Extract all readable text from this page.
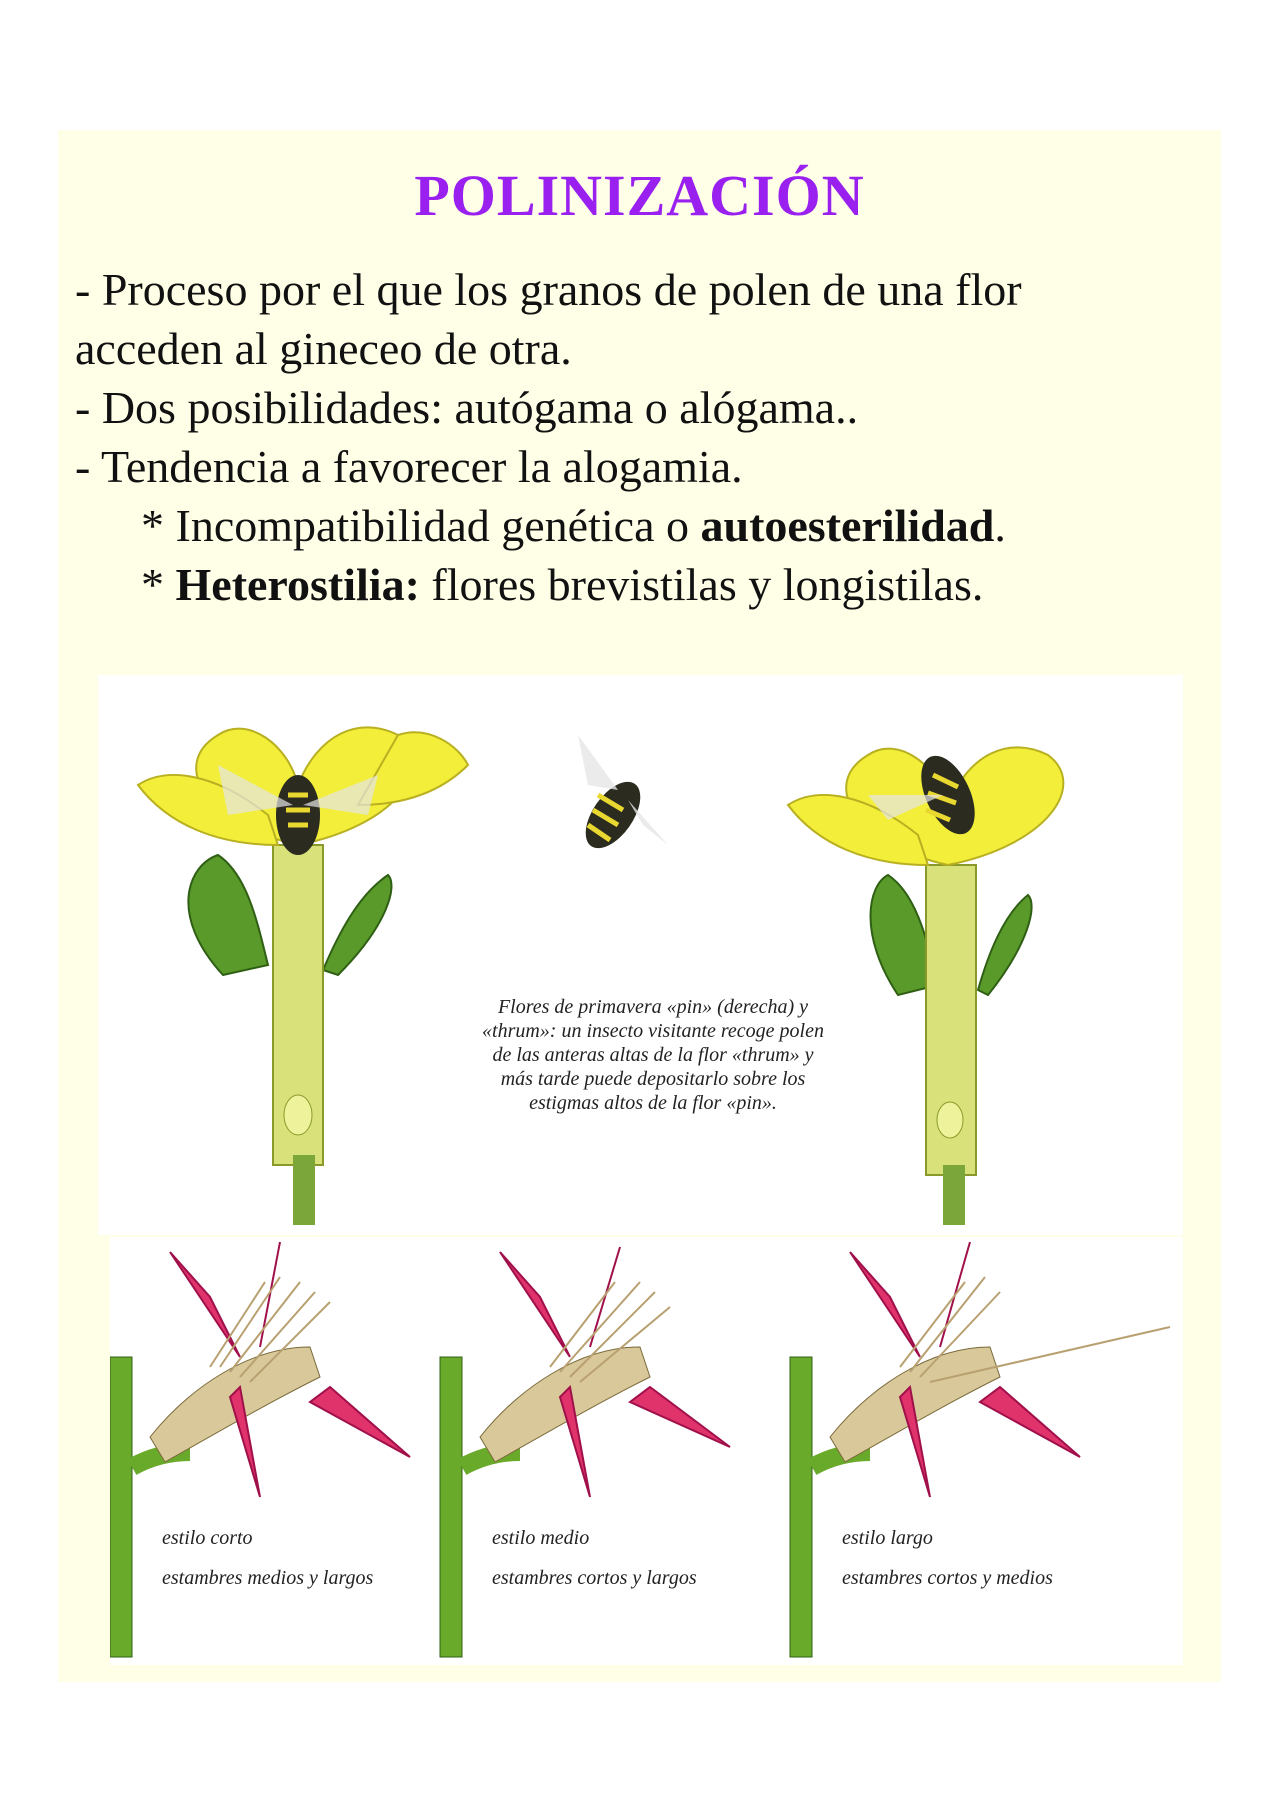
POLINIZACIÓN
- Proceso por el que los granos de polen de una flor
acceden al gineceo de otra.
- Dos posibilidades: autógama o alógama..
- Tendencia a favorecer la alogamia.
* Incompatibilidad genética o autoesterilidad.
* Heterostilia: flores brevistilas y longistilas.
Flores de primavera «pin» (derecha) y
«thrum»: un insecto visitante recoge polen
de las anteras altas de la flor «thrum» y
más tarde puede depositarlo sobre los
estigmas altos de la flor «pin».
estilo corto
estambres medios y largos
estilo medio
estambres cortos y largos
estilo largo
estambres cortos y medios
